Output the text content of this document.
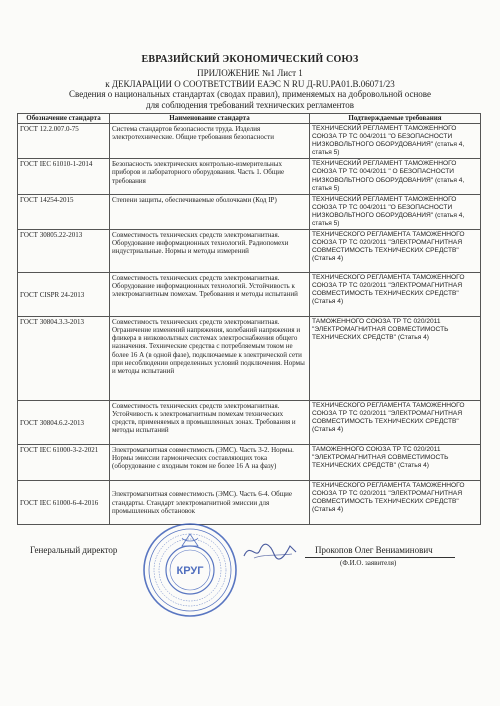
ЕВРАЗИЙСКИЙ ЭКОНОМИЧЕСКИЙ СОЮЗ
ПРИЛОЖЕНИЕ №1 Лист 1
к ДЕКЛАРАЦИИ О СООТВЕТСТВИИ ЕАЭС N RU Д-RU.PA01.B.06071/23
Сведения о национальных стандартах (сводах правил), применяемых на добровольной основе
для соблюдения требований технических регламентов
Обозначение стандарта	Наименование стандарта	Подтверждаемые требования
ГОСТ 12.2.007.0-75	Система стандартов безопасности труда. Изделия электротехнические. Общие требования безопасности	ТЕХНИЧЕСКИЙ РЕГЛАМЕНТ ТАМОЖЕННОГО СОЮЗА ТР ТС 004/2011 "О БЕЗОПАСНОСТИ НИЗКОВОЛЬТНОГО ОБОРУДОВАНИЯ" (статья 4, статья 5)
ГОСТ IEC 61010-1-2014	Безопасность электрических контрольно-измерительных приборов и лабораторного оборудования. Часть 1. Общие требования	ТЕХНИЧЕСКИЙ РЕГЛАМЕНТ ТАМОЖЕННОГО СОЮЗА ТР ТС 004/2011 " О БЕЗОПАСНОСТИ НИЗКОВОЛЬТНОГО ОБОРУДОВАНИЯ" (статья 4, статья 5)
ГОСТ 14254-2015	Степени защиты, обеспечиваемые оболочками (Код IP)	ТЕХНИЧЕСКИЙ РЕГЛАМЕНТ ТАМОЖЕННОГО СОЮЗА ТР ТС 004/2011 "О БЕЗОПАСНОСТИ НИЗКОВОЛЬТНОГО ОБОРУДОВАНИЯ" (статья 4, статья 5)
ГОСТ 30805.22-2013	Совместимость технических средств электромагнитная. Оборудование информационных технологий. Радиопомехи индустриальные. Нормы и методы измерений	ТЕХНИЧЕСКОГО РЕГЛАМЕНТА ТАМОЖЕННОГО СОЮЗА ТР ТС 020/2011 "ЭЛЕКТРОМАГНИТНАЯ СОВМЕСТИМОСТЬ ТЕХНИЧЕСКИХ СРЕДСТВ" (Статья 4)
ГОСТ CISPR 24-2013	Совместимость технических средств электромагнитная. Оборудование информационных технологий. Устойчивость к электромагнитным помехам. Требования и методы испытаний	ТЕХНИЧЕСКОГО РЕГЛАМЕНТА ТАМОЖЕННОГО СОЮЗА ТР ТС 020/2011 "ЭЛЕКТРОМАГНИТНАЯ СОВМЕСТИМОСТЬ ТЕХНИЧЕСКИХ СРЕДСТВ" (Статья 4)
ГОСТ 30804.3.3-2013	Совместимость технических средств электромагнитная. Ограничение изменений напряжения, колебаний напряжения и фликера в низковольтных системах электроснабжения общего назначения. Технические средства с потребляемым током не более 16 А (в одной фазе), подключаемые к электрической сети при несоблюдении определенных условий подключения. Нормы и методы испытаний	ТАМОЖЕННОГО СОЮЗА ТР ТС 020/2011 "ЭЛЕКТРОМАГНИТНАЯ СОВМЕСТИМОСТЬ ТЕХНИЧЕСКИХ СРЕДСТВ" (Статья 4)
ГОСТ 30804.6.2-2013	Совместимость технических средств электромагнитная. Устойчивость к электромагнитным помехам технических средств, применяемых в промышленных зонах. Требования и методы испытаний	ТЕХНИЧЕСКОГО РЕГЛАМЕНТА ТАМОЖЕННОГО СОЮЗА ТР ТС 020/2011 "ЭЛЕКТРОМАГНИТНАЯ СОВМЕСТИМОСТЬ ТЕХНИЧЕСКИХ СРЕДСТВ" (Статья 4)
ГОСТ IEC 61000-3-2-2021	Электромагнитная совместимость (ЭМС). Часть 3-2. Нормы. Нормы эмиссии гармонических составляющих тока (оборудование с входным током не более 16 А на фазу)	ТАМОЖЕННОГО СОЮЗА ТР ТС 020/2011 "ЭЛЕКТРОМАГНИТНАЯ СОВМЕСТИМОСТЬ ТЕХНИЧЕСКИХ СРЕДСТВ" (Статья 4)
ГОСТ IEC 61000-6-4-2016	Электромагнитная совместимость (ЭМС). Часть 6-4. Общие стандарты. Стандарт электромагнитной эмиссии для промышленных обстановок	ТЕХНИЧЕСКОГО РЕГЛАМЕНТА ТАМОЖЕННОГО СОЮЗА ТР ТС 020/2011 "ЭЛЕКТРОМАГНИТНАЯ СОВМЕСТИМОСТЬ ТЕХНИЧЕСКИХ СРЕДСТВ" (Статья 4)
Генеральный директор	Прокопов Олег Вениаминович
(Ф.И.О. заявителя)
КРУГ
